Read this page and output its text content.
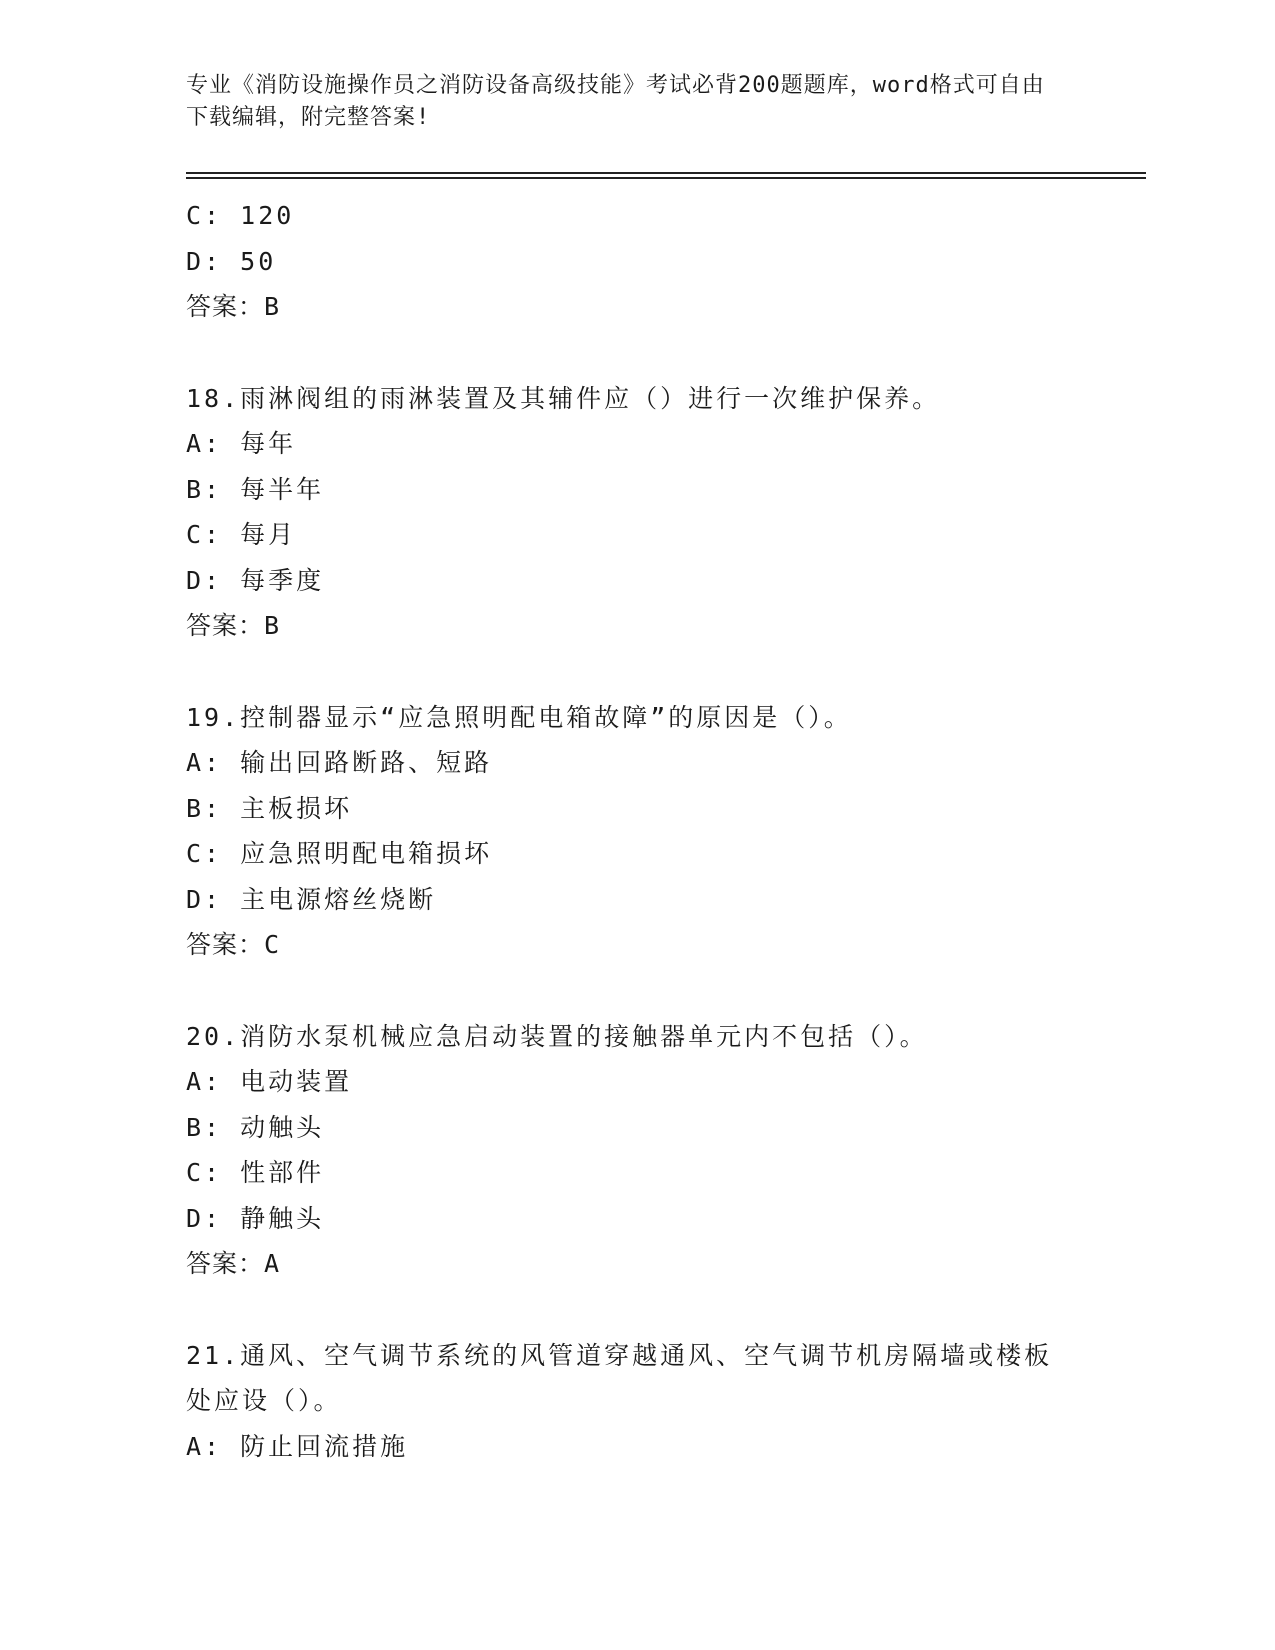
专业《消防设施操作员之消防设备高级技能》考试必背200题题库，word格式可自由下载编辑，附完整答案!
C: 120
D: 50
答案：B
18.雨淋阀组的雨淋装置及其辅件应（）进行一次维护保养。
A: 每年
B: 每半年
C: 每月
D: 每季度
答案：B
19.控制器显示“应急照明配电箱故障”的原因是（）。
A: 输出回路断路、短路
B: 主板损坏
C: 应急照明配电箱损坏
D: 主电源熔丝烧断
答案：C
20.消防水泵机械应急启动装置的接触器单元内不包括（）。
A: 电动装置
B: 动触头
C: 性部件
D: 静触头
答案：A
21.通风、空气调节系统的风管道穿越通风、空气调节机房隔墙或楼板处应设（）。
A: 防止回流措施
